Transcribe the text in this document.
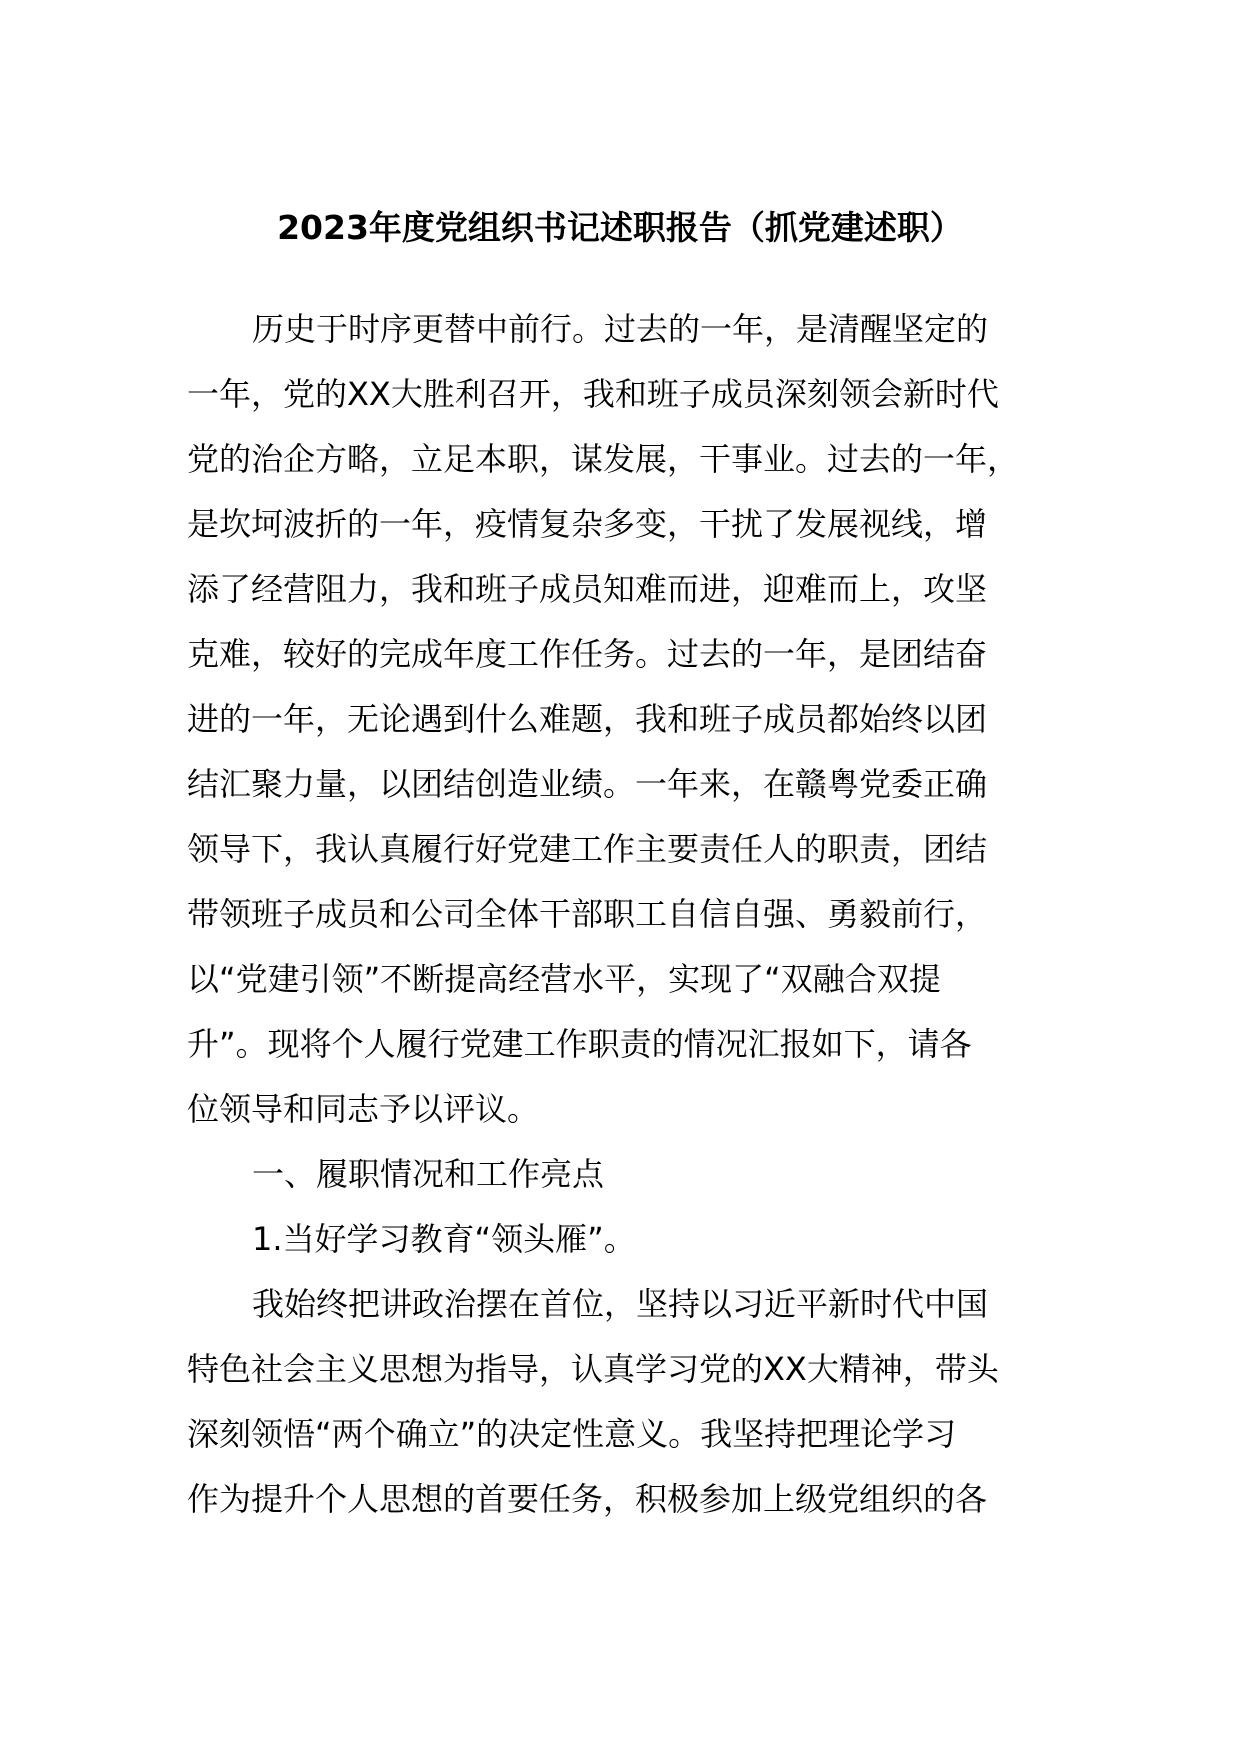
2023年度党组织书记述职报告（抓党建述职）
历史于时序更替中前行。过去的一年，是清醒坚定的
一年，党的XX大胜利召开，我和班子成员深刻领会新时代
党的治企方略，立足本职，谋发展，干事业。过去的一年，
是坎坷波折的一年，疫情复杂多变，干扰了发展视线，增
添了经营阻力，我和班子成员知难而进，迎难而上，攻坚
克难，较好的完成年度工作任务。过去的一年，是团结奋
进的一年，无论遇到什么难题，我和班子成员都始终以团
结汇聚力量，以团结创造业绩。一年来，在赣粤党委正确
领导下，我认真履行好党建工作主要责任人的职责，团结
带领班子成员和公司全体干部职工自信自强、勇毅前行，
以“党建引领”不断提高经营水平，实现了“双融合双提
升”。现将个人履行党建工作职责的情况汇报如下，请各
位领导和同志予以评议。
一、履职情况和工作亮点
1.当好学习教育“领头雁”。
我始终把讲政治摆在首位，坚持以习近平新时代中国
特色社会主义思想为指导，认真学习党的XX大精神，带头
深刻领悟“两个确立”的决定性意义。我坚持把理论学习
作为提升个人思想的首要任务，积极参加上级党组织的各
